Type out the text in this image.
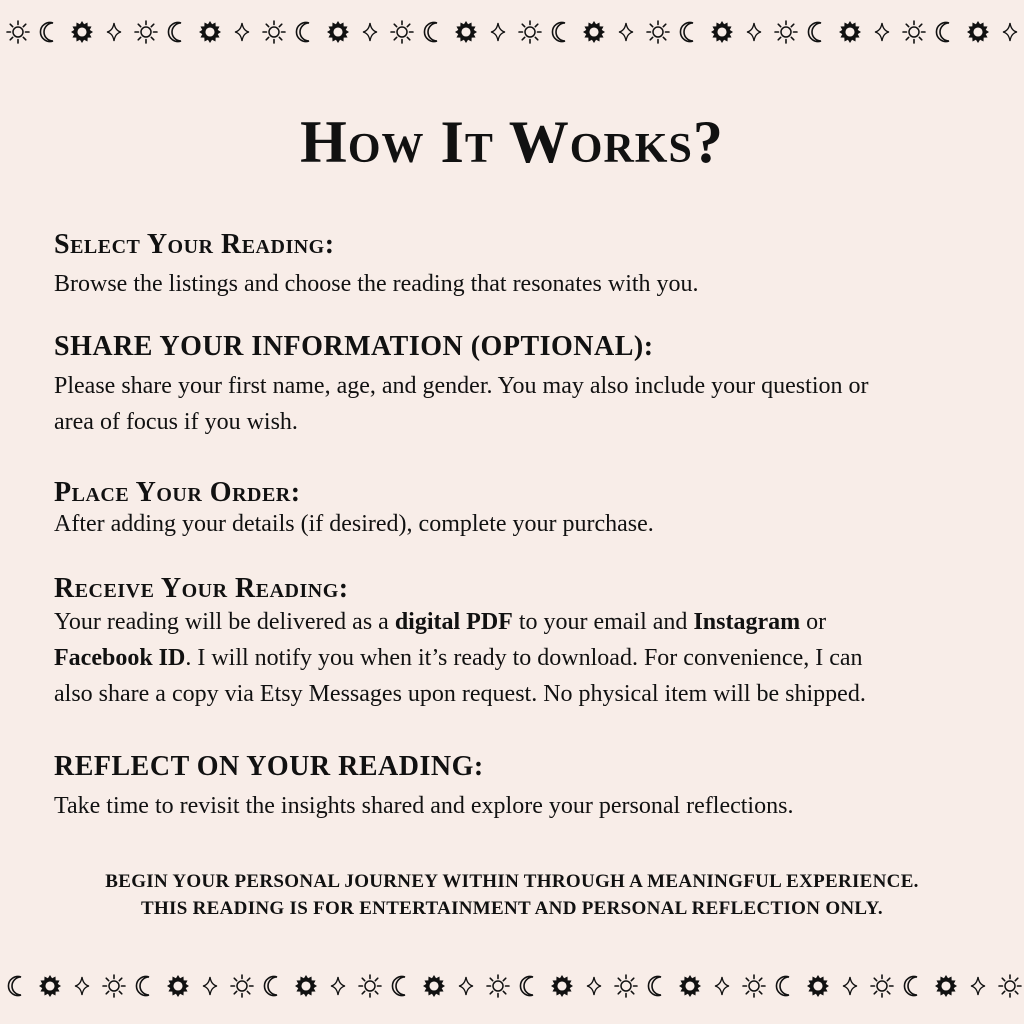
How It Works?
Select Your Reading:

Browse the listings and choose the reading that resonates with you.

SHARE YOUR INFORMATION (OPTIONAL):

Please share your first name, age, and gender. You may also include your question or
area of focus if you wish.

Place Your Order:

After adding your details (if desired), complete your purchase.

Receive Your Reading:

Your reading will be delivered as a digital PDF to your email and Instagram or
Facebook ID. I will notify you when it’s ready to download. For convenience, I can
also share a copy via Etsy Messages upon request. No physical item will be shipped.

REFLECT ON YOUR READING:

Take time to revisit the insights shared and explore your personal reflections.

BEGIN YOUR PERSONAL JOURNEY WITHIN THROUGH A MEANINGFUL EXPERIENCE.
THIS READING IS FOR ENTERTAINMENT AND PERSONAL REFLECTION ONLY.
